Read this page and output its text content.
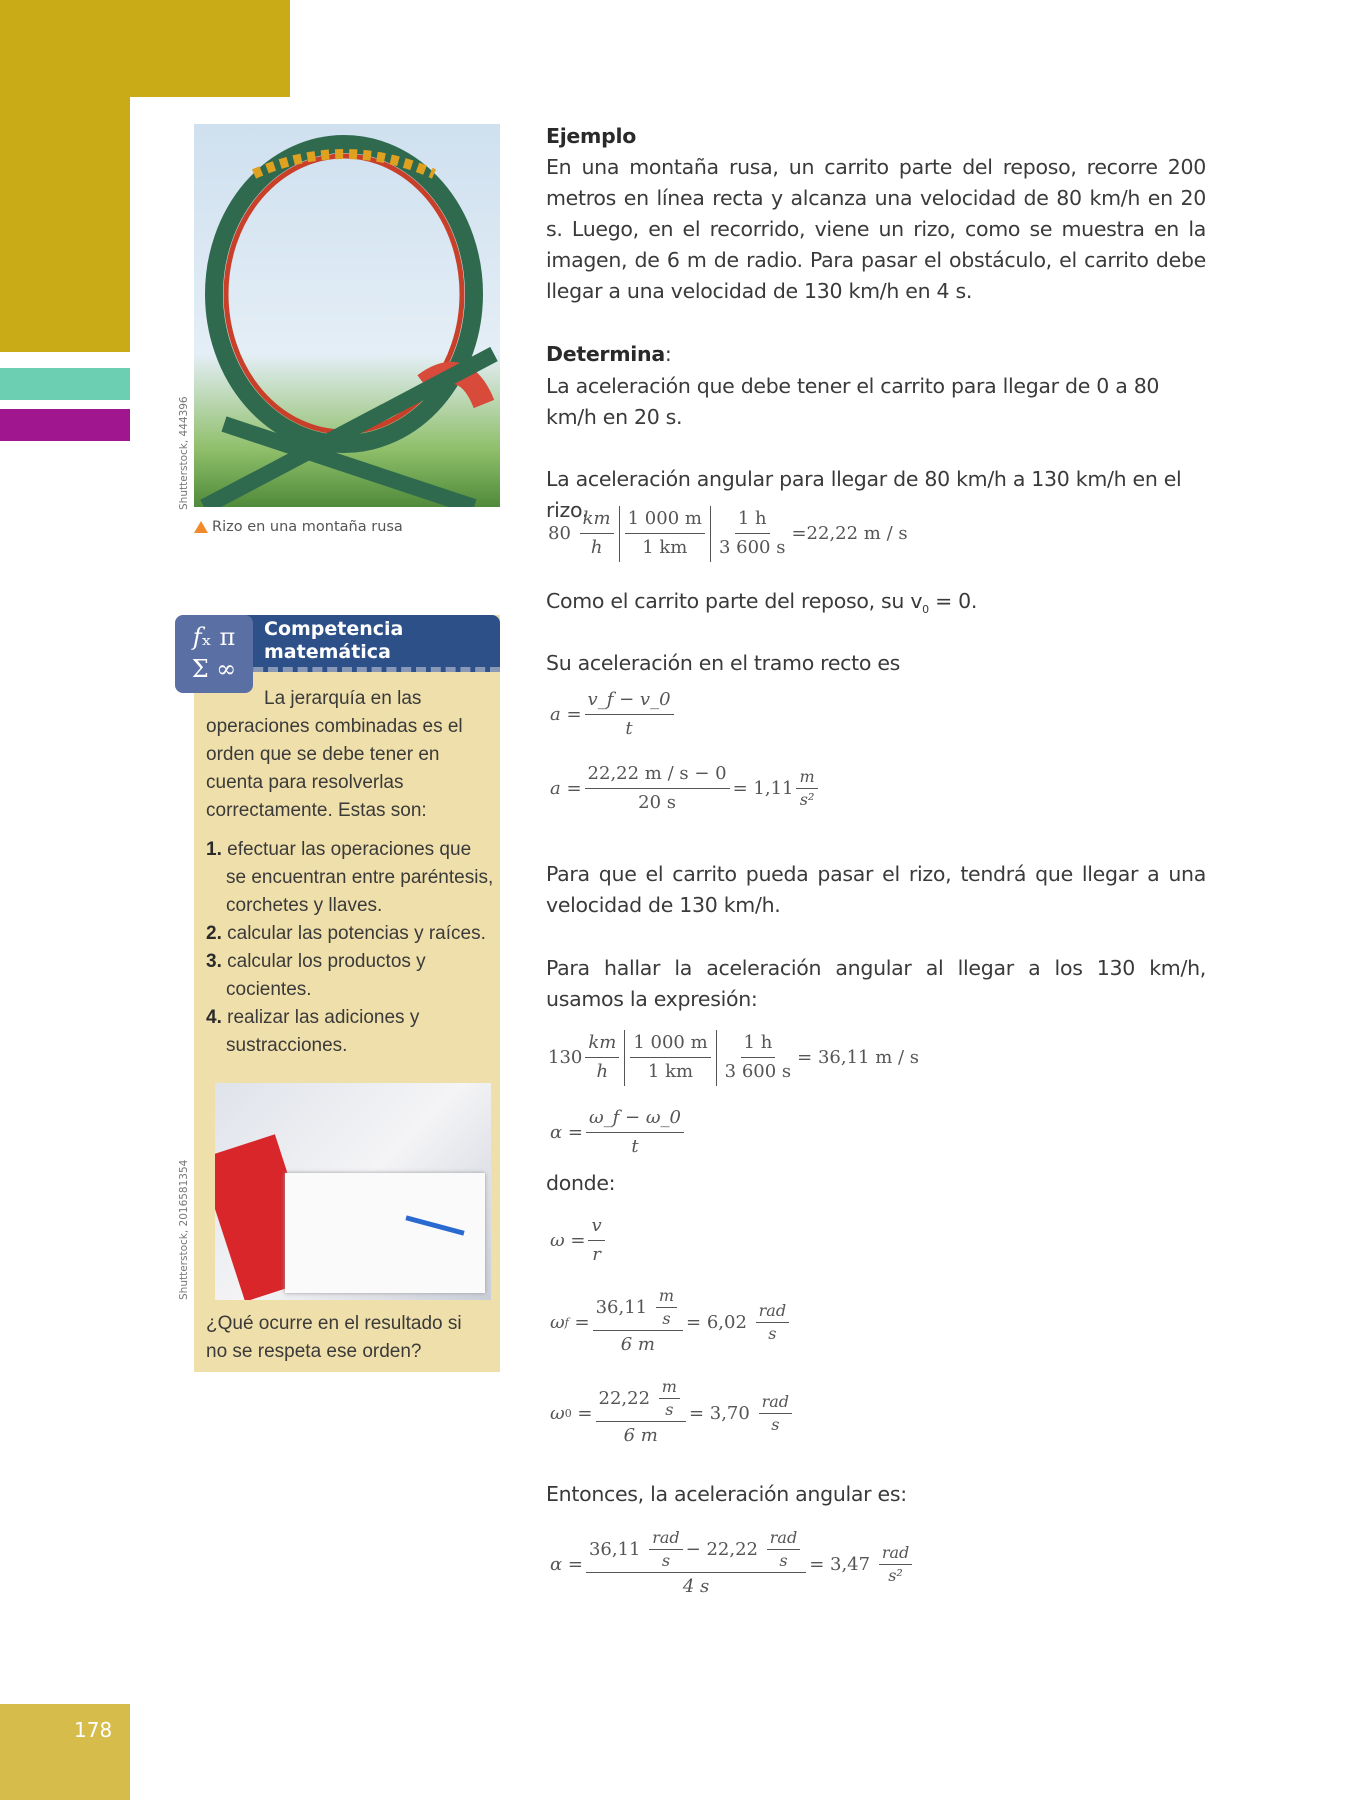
178
Shutterstock, 444396
Rizo en una montaña rusa
Competencia
matemática
𝑓ₓ π
Σ ∞
La jerarquía en las operaciones combinadas es el orden que se debe tener en cuenta para resolverlas correctamente. Estas son:
1. efectuar las operaciones que se encuentran entre paréntesis, corchetes y llaves.
2. calcular las potencias y raíces.
3. calcular los productos y cocientes.
4. realizar las adiciones y sustracciones.
Shutterstock, 2016581354
¿Qué ocurre en el resultado si no se respeta ese orden?
Ejemplo
En una montaña rusa, un carrito parte del reposo, recorre 200 metros en línea recta y alcanza una velocidad de 80 km/h en 20 s. Luego, en el recorrido, viene un rizo, como se muestra en la imagen, de 6 m de radio. Para pasar el obstáculo, el carrito debe llegar a una velocidad de 130 km/h en 4 s.
Determina:
La aceleración que debe tener el carrito para llegar de 0 a 80 km/h en 20 s.
La aceleración angular para llegar de 80 km/h a 130 km/h en el rizo.
80
$\frac{km}{h} \frac{1 000 m}{1 km} \frac{1 h}{3 600 s} =22,22$ m / s
Como el carrito parte del reposo, su $v_0 = 0$.
Su aceleración en el tramo recto es
$a = \frac{v\_f - v\_0}{t}$
$a = \frac{22,22 m / s - 0}{20 s} = 1,11 \frac{m}{\text{s²}}$
Para que el carrito pueda pasar el rizo, tendrá que llegar a una velocidad de 130 km/h.
Para hallar la aceleración angular al llegar a los 130 km/h, usamos la expresión:
$130 \frac{km}{h} \frac{1 000 m}{1 km} \frac{1 h}{3 600 s} = 36,11$ m / s
$\alpha = \frac{\omega\_f - \omega\_0}{t}$
donde:
$\omega = \frac{v}{r}$
ω f
= 36,11
$\frac{m}{s}$
6 m = 6,02
$\frac{\text{rad}}{s}$
ω 0
= 22,22
$\frac{m}{s}$
6 m = 3,70
$\frac{\text{rad}}{s}$
Entonces, la aceleración angular es:
α = 36,11
$\frac{\text{rad}}{s} - 22,22$
$\frac{\text{rad}}{s}$
4 s = 3,47
$\frac{\text{rad}}{\text{s²}}$
